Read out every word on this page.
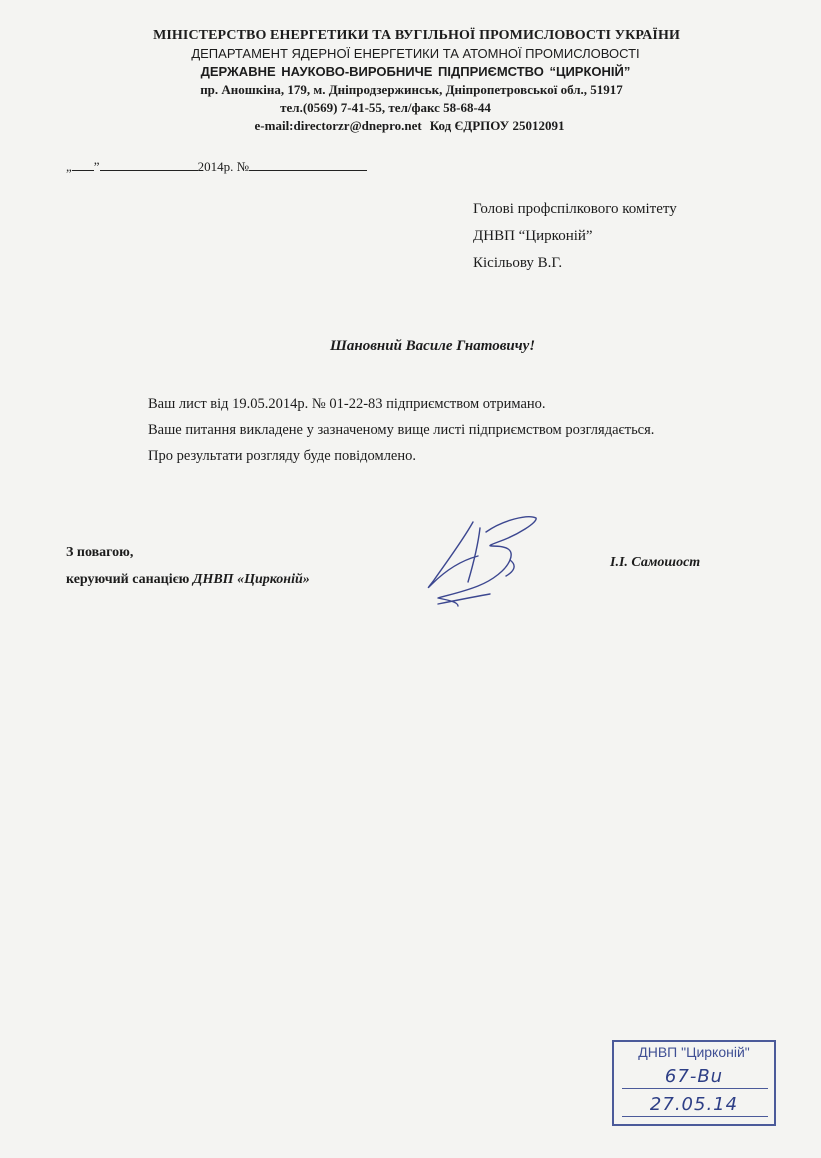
МІНІСТЕРСТВО ЕНЕРГЕТИКИ ТА ВУГІЛЬНОЇ ПРОМИСЛОВОСТІ УКРАЇНИ
ДЕПАРТАМЕНТ ЯДЕРНОЇ ЕНЕРГЕТИКИ ТА АТОМНОЇ ПРОМИСЛОВОСТІ
ДЕРЖАВНЕ НАУКОВО-ВИРОБНИЧЕ ПІДПРИЄМСТВО “ЦИРКОНІЙ”
пр. Аношкіна, 179, м. Дніпродзержинськ, Дніпропетровської обл., 51917
тел.(0569) 7-41-55, тел/факс 58-68-44
e-mail:directorzr@dnepro.net Код ЄДРПОУ 25012091
„ ”	2014р. №
Голові профспілкового комітету
ДНВП “Цирконій”
Кісільову В.Г.
Шановний Василе Гнатовичу!
Ваш лист від 19.05.2014р. № 01-22-83 підприємством отримано.
Ваше питання викладене у зазначеному вище листі підприємством розглядається.
Про результати розгляду буде повідомлено.
З повагою,
керуючий санацією ДНВП «Цирконій»
І.І. Самошост
ДНВП "Цирконій"
67-Вu
27.05.14
